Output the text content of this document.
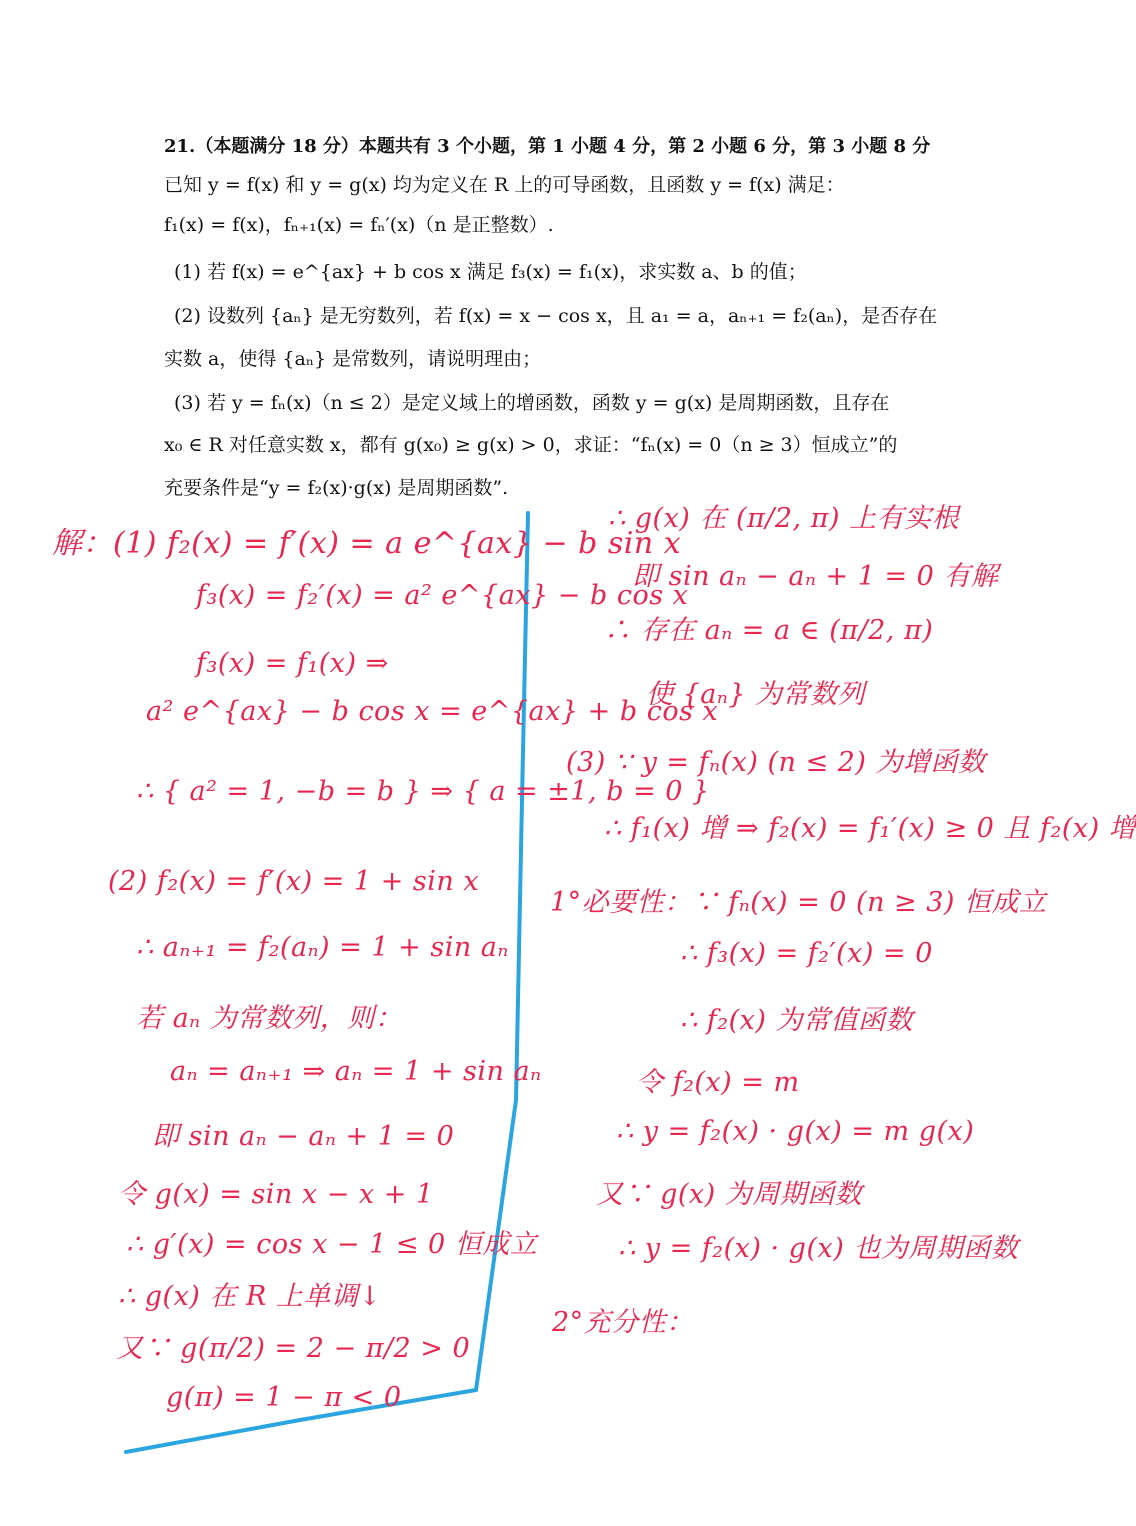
21.（本题满分 18 分）本题共有 3 个小题，第 1 小题 4 分，第 2 小题 6 分，第 3 小题 8 分
已知 y = f(x) 和 y = g(x) 均为定义在 R 上的可导函数，且函数 y = f(x) 满足：
f₁(x) = f(x)，fₙ₊₁(x) = fₙ′(x)（n 是正整数）.
(1) 若 f(x) = e^{ax} + b cos x 满足 f₃(x) = f₁(x)，求实数 a、b 的值；
(2) 设数列 {aₙ} 是无穷数列，若 f(x) = x − cos x，且 a₁ = a，aₙ₊₁ = f₂(aₙ)，是否存在
实数 a，使得 {aₙ} 是常数列，请说明理由；
(3) 若 y = fₙ(x)（n ≤ 2）是定义域上的增函数，函数 y = g(x) 是周期函数，且存在
x₀ ∈ R 对任意实数 x，都有 g(x₀) ≥ g(x) > 0，求证：“fₙ(x) = 0（n ≥ 3）恒成立”的
充要条件是“y = f₂(x)·g(x) 是周期函数”.
解：(1) f₂(x) = f′(x) = a e^{ax} − b sin x
f₃(x) = f₂′(x) = a² e^{ax} − b cos x
f₃(x) = f₁(x) ⇒
a² e^{ax} − b cos x = e^{ax} + b cos x
∴ { a² = 1, −b = b } ⇒ { a = ±1, b = 0 }
(2) f₂(x) = f′(x) = 1 + sin x
∴ aₙ₊₁ = f₂(aₙ) = 1 + sin aₙ
若 aₙ 为常数列，则：
aₙ = aₙ₊₁ ⇒ aₙ = 1 + sin aₙ
即 sin aₙ − aₙ + 1 = 0
令 g(x) = sin x − x + 1
∴ g′(x) = cos x − 1 ≤ 0 恒成立
∴ g(x) 在 R 上单调↓
又∵ g(π/2) = 2 − π/2 > 0
g(π) = 1 − π < 0
∴ g(x) 在 (π/2, π) 上有实根
即 sin aₙ − aₙ + 1 = 0 有解
∴ 存在 aₙ = a ∈ (π/2, π)
使 {aₙ} 为常数列
(3) ∵ y = fₙ(x) (n ≤ 2) 为增函数
∴ f₁(x) 增 ⇒ f₂(x) = f₁′(x) ≥ 0 且 f₂(x) 增
1°必要性：∵ fₙ(x) = 0 (n ≥ 3) 恒成立
∴ f₃(x) = f₂′(x) = 0
∴ f₂(x) 为常值函数
令 f₂(x) = m
∴ y = f₂(x) · g(x) = m g(x)
又∵ g(x) 为周期函数
∴ y = f₂(x) · g(x) 也为周期函数
2°充分性：
